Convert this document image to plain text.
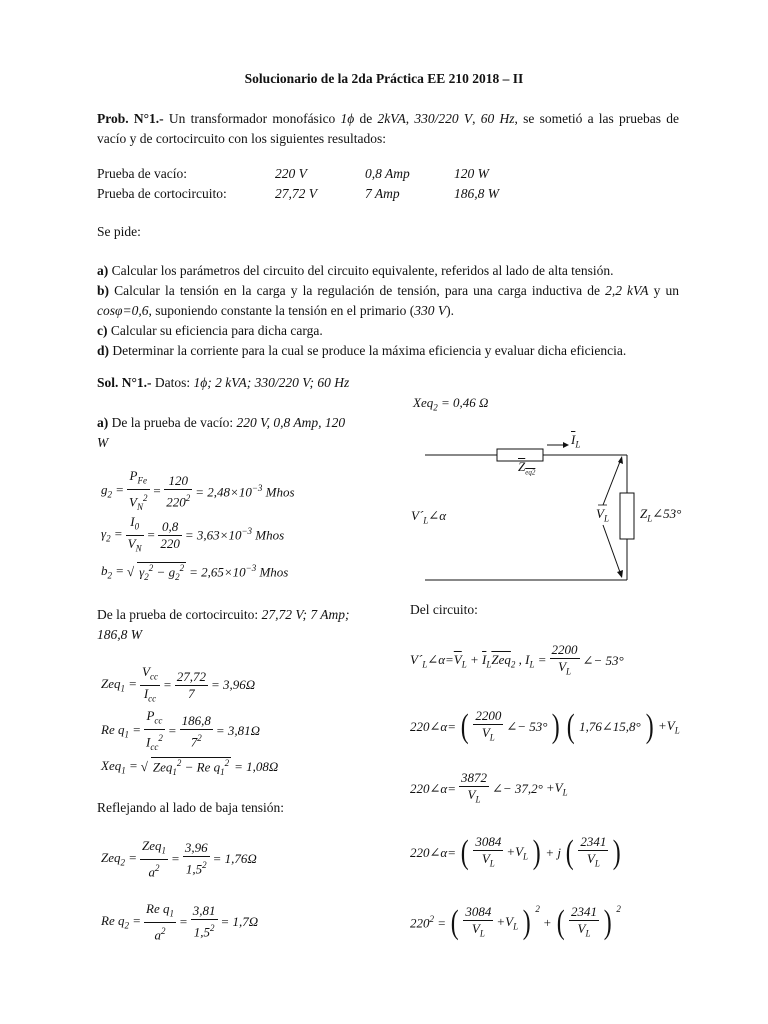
Solucionario de la 2da Práctica EE 210 2018 – II
Prob. N°1.- Un transformador monofásico 1ϕ de 2kVA, 330/220 V, 60 Hz, se sometió a las pruebas de vacío y de cortocircuito con los siguientes resultados:
Prueba de vacío:	220 V	0,8 Amp	120 W
Prueba de cortocircuito:	27,72 V	7 Amp	186,8 W
Se pide:
a) Calcular los parámetros del circuito del circuito equivalente, referidos al lado de alta tensión.
b) Calcular la tensión en la carga y la regulación de tensión, para una carga inductiva de 2,2 kVA y un cosφ=0,6, suponiendo constante la tensión en el primario (330 V).
c) Calcular su eficiencia para dicha carga.
d) Determinar la corriente para la cual se produce la máxima eficiencia y evaluar dicha eficiencia.
Sol. N°1.- Datos: 1ϕ; 2 kVA; 330/220 V; 60 Hz
Xeq$_2$ = 0,46 Ω
a) De la prueba de vacío: 220 V, 0,8 Amp, 120
W
$g_2 = \frac{P_{Fe}}{V_N^2} = \frac{120}{220^2} = 2,48\times 10^{-3}$ Mhos
$\gamma_2 = \frac{I_0}{V_N} = \frac{0,8}{220} = 3,63\times 10^{-3}$ Mhos
$b_2$ = √ $\gamma_2^2 - g_2^2 = 2,65\times 10^{-3}$ Mhos
De la prueba de cortocircuito: 27,72 V; 7 Amp;
186,8 W
$Zeq_1 = \frac{V_{cc}}{I_{cc}} = \frac{27,72}{7} = 3,96\Omega$
Re $q_1 = \frac{P_{cc}}{I_{cc}^2} = \frac{186,8}{7^2} = 3,81\Omega$
Xeq$_1$ = √ Zeq$_1^2$ − Re $q_1^2 = 1,08\Omega$
Reflejando al lado de baja tensión:
$Zeq_2 = \frac{Zeq_1}{a^2} = \frac{3,96}{1,5^2} = 1,76\Omega$
Re $q_2 = \frac{Re q_1}{a^2} = \frac{3,81}{1,5^2} = 1,7\Omega$
$Z_{eq2}$
$\overline{I}_L$
$V´_L\angle\alpha$	$V_L$ $Z_L\angle 53^\circ$
Del circuito:
$V´_L\angle\alpha=\overline{V}_L + \overline{I}_L\overline{Zeq}_2$ , $I_L = \frac{2200}{V_L}$ ∠− 53°
220∠α= ( $\frac{2200}{V_L}$ ∠− 53° ) ( 1,76∠15,8° ) $+V_L$
220∠α= $\frac{3872}{V_L}$ ∠− $37,2^\circ +V_L$
220∠α= ( $\frac{3084}{V_L} +V_L$ ) + j ( $\frac{2341}{V_L}$ )
$220^2$ = ( $\frac{3084}{V_L} +V_L$ ) $^2$
+ ( $\frac{2341}{V_L}$ ) $^2$
